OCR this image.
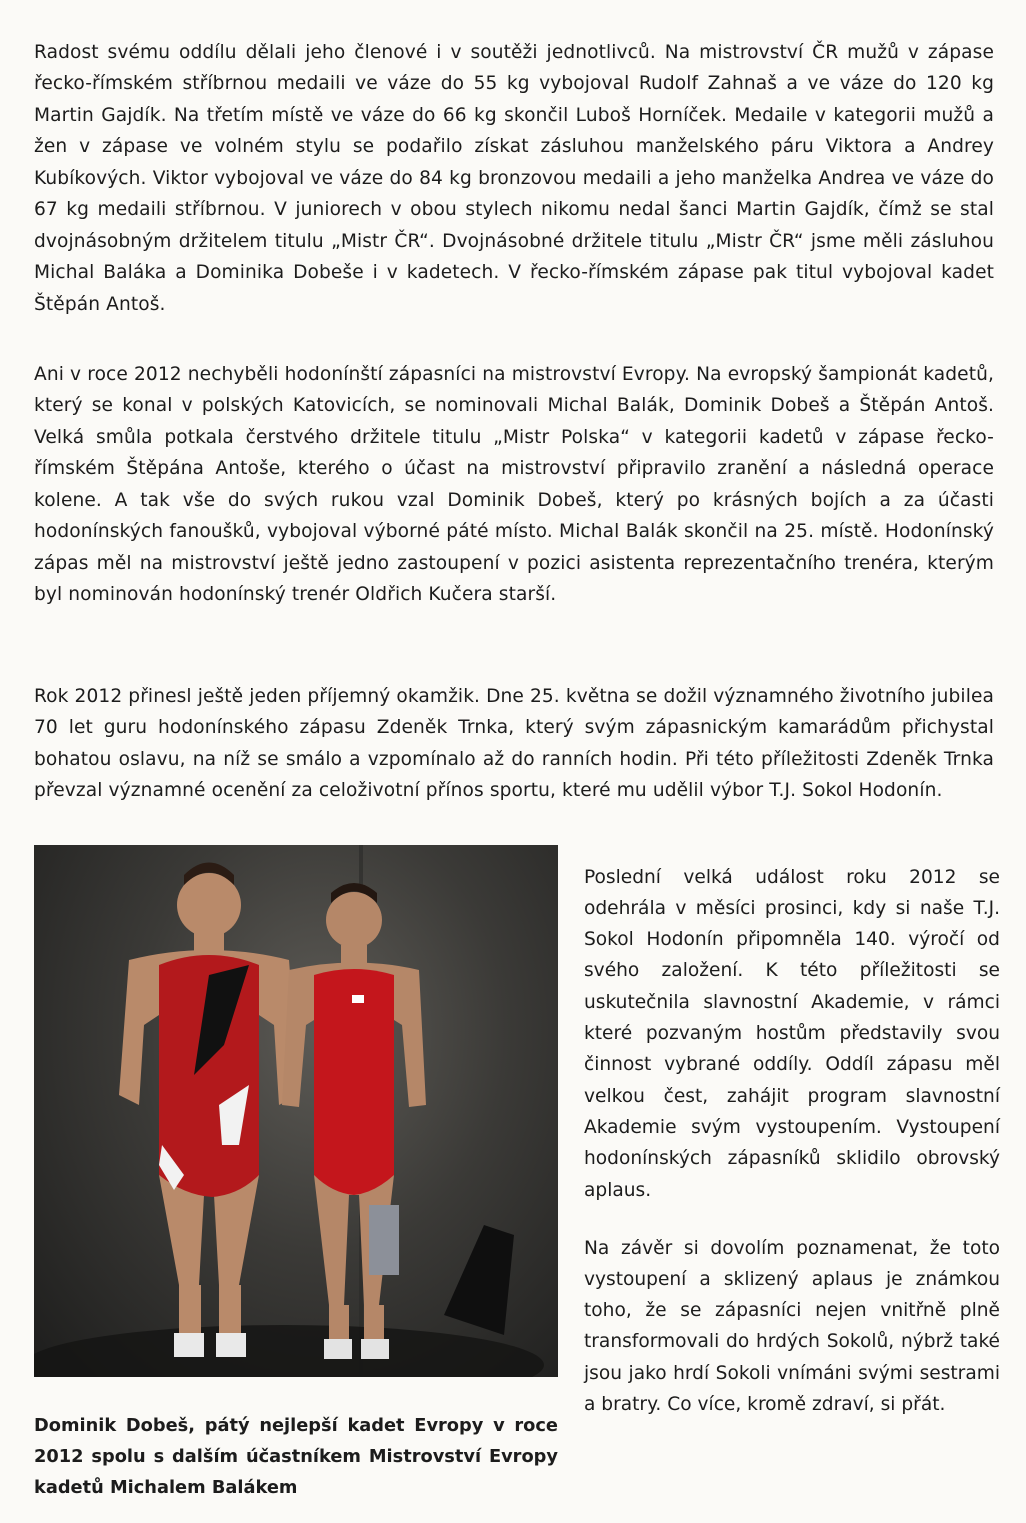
Radost svému oddílu dělali jeho členové i v soutěži jednotlivců. Na mistrovství ČR mužů v zápase řecko-římském stříbrnou medaili ve váze do 55 kg vybojoval Rudolf Zahnaš a ve váze do 120 kg Martin Gajdík. Na třetím místě ve váze do 66 kg skončil Luboš Horníček. Medaile v kategorii mužů a žen v zápase ve volném stylu se podařilo získat zásluhou manželského páru Viktora a Andrey Kubíkových. Viktor vybojoval ve váze do 84 kg bronzovou medaili a jeho manželka Andrea ve váze do 67 kg medaili stříbrnou. V juniorech v obou stylech nikomu nedal šanci Martin Gajdík, čímž se stal dvojnásobným držitelem titulu „Mistr ČR“. Dvojnásobné držitele titulu „Mistr ČR“ jsme měli zásluhou Michal Baláka a Dominika Dobeše i v kadetech. V řecko-římském zápase pak titul vybojoval kadet Štěpán Antoš.

Ani v roce 2012 nechyběli hodonínští zápasníci na mistrovství Evropy. Na evropský šampionát kadetů, který se konal v polských Katovicích, se nominovali Michal Balák, Dominik Dobeš a Štěpán Antoš. Velká smůla potkala čerstvého držitele titulu „Mistr Polska“ v kategorii kadetů v zápase řecko-římském Štěpána Antoše, kterého o účast na mistrovství připravilo zranění a následná operace kolene. A tak vše do svých rukou vzal Dominik Dobeš, který po krásných bojích a za účasti hodonínských fanoušků, vybojoval výborné páté místo. Michal Balák skončil na 25. místě. Hodonínský zápas měl na mistrovství ještě jedno zastoupení v pozici asistenta reprezentačního trenéra, kterým byl nominován hodonínský trenér Oldřich Kučera starší.

Rok 2012 přinesl ještě jeden příjemný okamžik. Dne 25. května se dožil významného životního jubilea 70 let guru hodonínského zápasu Zdeněk Trnka, který svým zápasnickým kamarádům přichystal bohatou oslavu, na níž se smálo a vzpomínalo až do ranních hodin. Při této příležitosti Zdeněk Trnka převzal významné ocenění za celoživotní přínos sportu, které mu udělil výbor T.J. Sokol Hodonín.

Dominik Dobeš, pátý nejlepší kadet Evropy v roce 2012 spolu s dalším účastníkem Mistrovství Evropy kadetů Michalem Balákem

Poslední velká událost roku 2012 se odehrála v měsíci prosinci, kdy si naše T.J. Sokol Hodonín připomněla 140. výročí od svého založení. K této příležitosti se uskutečnila slavnostní Akademie, v rámci které pozvaným hostům představily svou činnost vybrané oddíly. Oddíl zápasu měl velkou čest, zahájit program slavnostní Akademie svým vystoupením. Vystoupení hodonínských zápasníků sklidilo obrovský aplaus.

Na závěr si dovolím poznamenat, že toto vystoupení a sklizený aplaus je známkou toho, že se zápasníci nejen vnitřně plně transformovali do hrdých Sokolů, nýbrž také jsou jako hrdí Sokoli vnímáni svými sestrami a bratry. Co více, kromě zdraví, si přát.
